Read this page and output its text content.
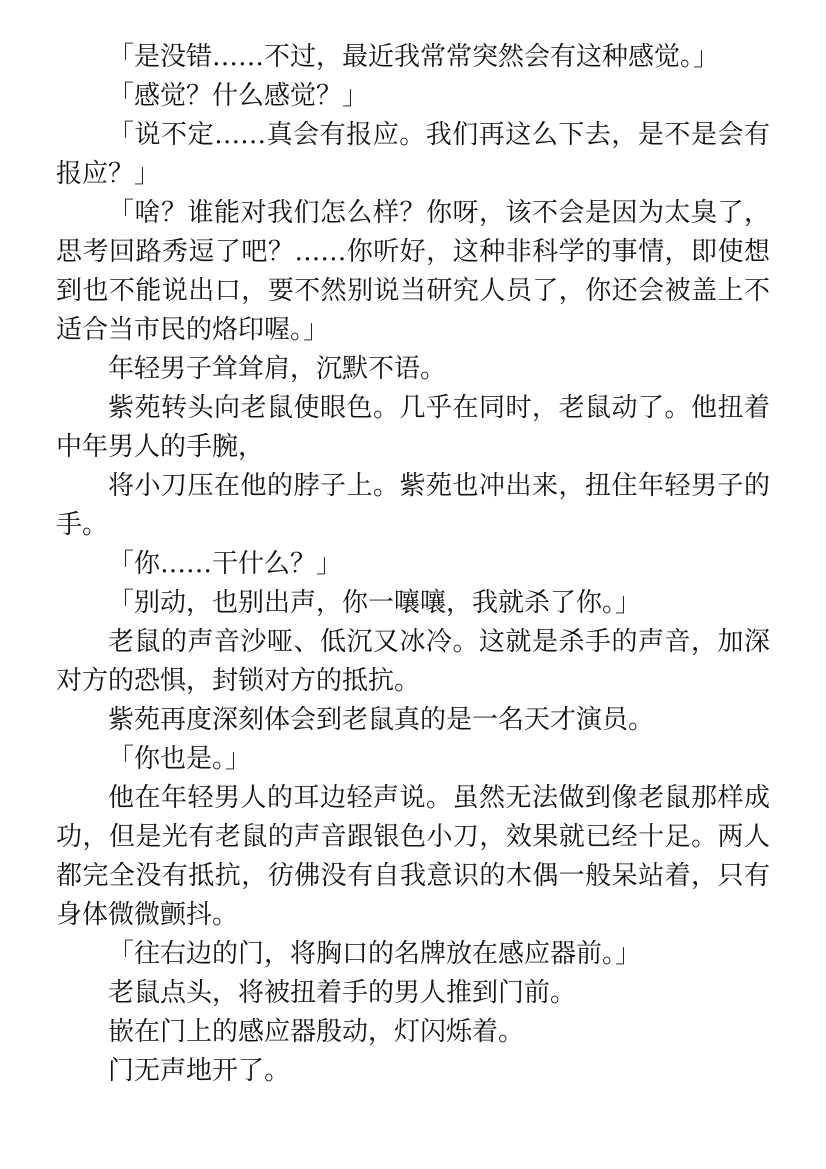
「是没错……不过，最近我常常突然会有这种感觉。」

「感觉？什么感觉？」

「说不定……真会有报应。我们再这么下去，是不是会有报应？」

「啥？谁能对我们怎么样？你呀，该不会是因为太臭了，思考回路秀逗了吧？……你听好，这种非科学的事情，即使想到也不能说出口，要不然别说当研究人员了，你还会被盖上不适合当市民的烙印喔。」

年轻男子耸耸肩，沉默不语。

紫苑转头向老鼠使眼色。几乎在同时，老鼠动了。他扭着中年男人的手腕，

将小刀压在他的脖子上。紫苑也冲出来，扭住年轻男子的手。

「你……干什么？」

「别动，也别出声，你一嚷嚷，我就杀了你。」

老鼠的声音沙哑、低沉又冰冷。这就是杀手的声音，加深对方的恐惧，封锁对方的抵抗。

紫苑再度深刻体会到老鼠真的是一名天才演员。

「你也是。」

他在年轻男人的耳边轻声说。虽然无法做到像老鼠那样成功，但是光有老鼠的声音跟银色小刀，效果就已经十足。两人都完全没有抵抗，彷佛没有自我意识的木偶一般呆站着，只有身体微微颤抖。

「往右边的门，将胸口的名牌放在感应器前。」

老鼠点头，将被扭着手的男人推到门前。

嵌在门上的感应器殷动，灯闪烁着。

门无声地开了。
